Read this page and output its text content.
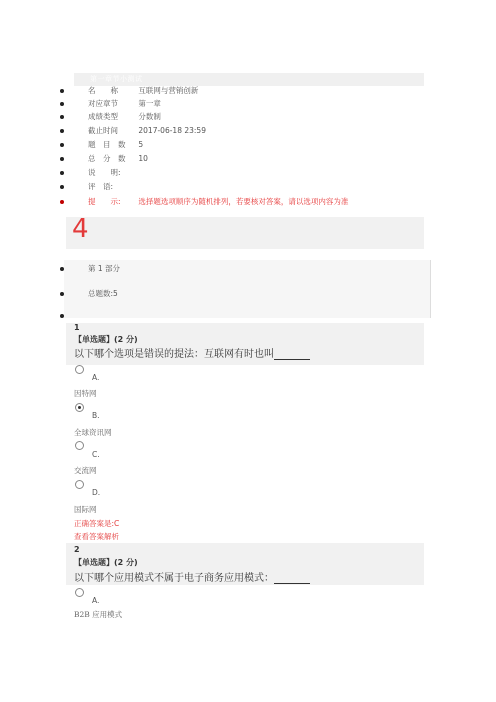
第一章节小测试
名　　称	互联网与营销创新
对应章节	第一章
成绩类型	分数制
截止时间	2017-06-18 23:59
题　目　数 5
总　分　数 10
说　　明:
评　语:
提　　示: 选择题选项顺序为随机排列，若要核对答案，请以选项内容为准
4
第 1 部分
总题数:5
1
【单选题】(2 分)
以下哪个选项是错误的提法：互联网有时也叫
A.
因特网
B.
全球资讯网
C.
交流网
D.
国际网
正确答案是:C
查看答案解析
2
【单选题】(2 分)
以下哪个应用模式不属于电子商务应用模式：
A.
B2B 应用模式
